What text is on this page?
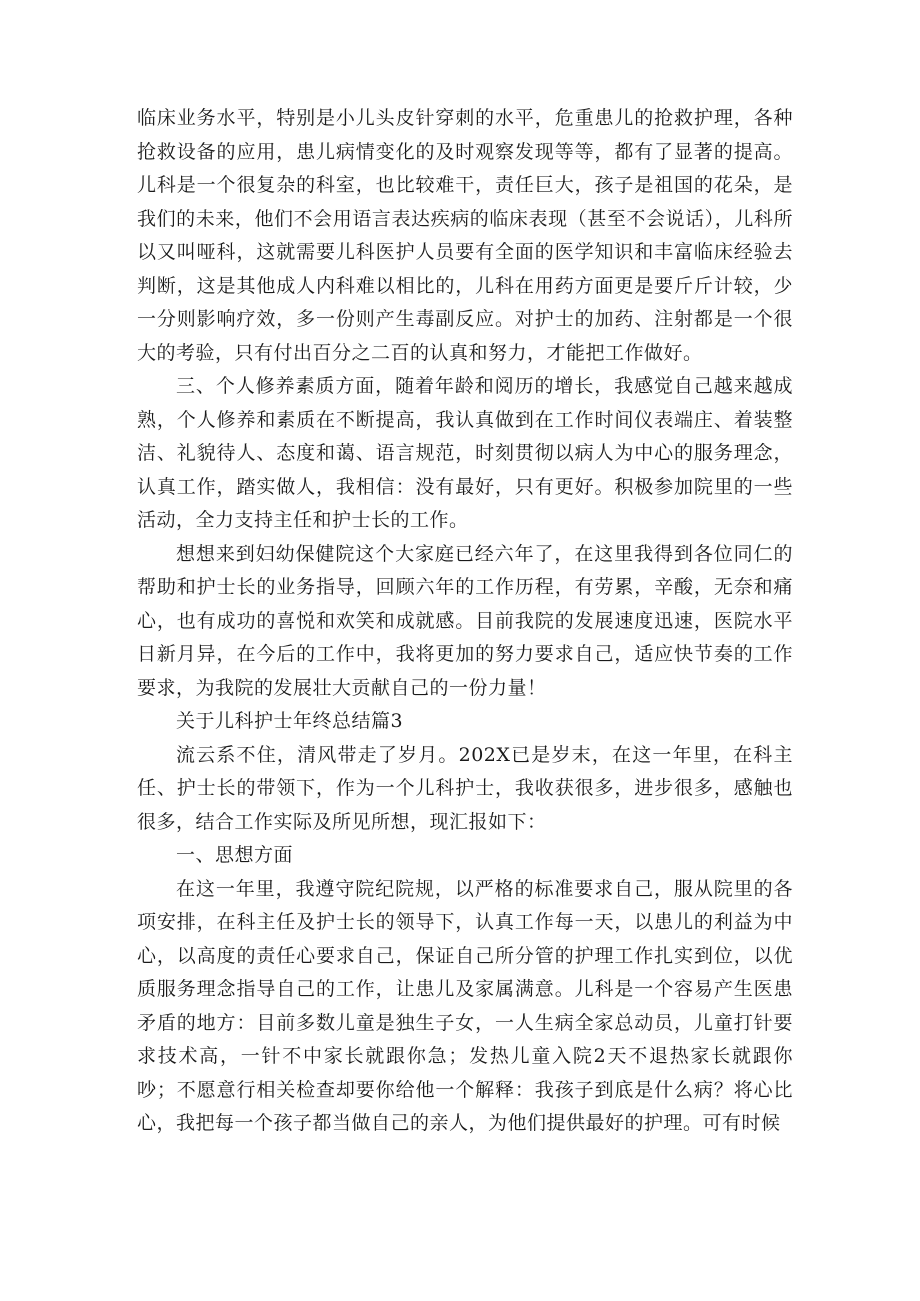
临床业务水平，特别是小儿头皮针穿刺的水平，危重患儿的抢救护理，各种抢救设备的应用，患儿病情变化的及时观察发现等等，都有了显著的提高。儿科是一个很复杂的科室，也比较难干，责任巨大，孩子是祖国的花朵，是我们的未来，他们不会用语言表达疾病的临床表现（甚至不会说话），儿科所以又叫哑科，这就需要儿科医护人员要有全面的医学知识和丰富临床经验去判断，这是其他成人内科难以相比的，儿科在用药方面更是要斤斤计较，少一分则影响疗效，多一份则产生毒副反应。对护士的加药、注射都是一个很大的考验，只有付出百分之二百的认真和努力，才能把工作做好。

三、个人修养素质方面，随着年龄和阅历的增长，我感觉自己越来越成熟，个人修养和素质在不断提高，我认真做到在工作时间仪表端庄、着装整洁、礼貌待人、态度和蔼、语言规范，时刻贯彻以病人为中心的服务理念，认真工作，踏实做人，我相信：没有最好，只有更好。积极参加院里的一些活动，全力支持主任和护士长的工作。

想想来到妇幼保健院这个大家庭已经六年了，在这里我得到各位同仁的帮助和护士长的业务指导，回顾六年的工作历程，有劳累，辛酸，无奈和痛心，也有成功的喜悦和欢笑和成就感。目前我院的发展速度迅速，医院水平日新月异，在今后的工作中，我将更加的努力要求自己，适应快节奏的工作要求，为我院的发展壮大贡献自己的一份力量！

关于儿科护士年终总结篇3

流云系不住，清风带走了岁月。202X已是岁末，在这一年里，在科主任、护士长的带领下，作为一个儿科护士，我收获很多，进步很多，感触也很多，结合工作实际及所见所想，现汇报如下：

一、思想方面

在这一年里，我遵守院纪院规，以严格的标准要求自己，服从院里的各项安排，在科主任及护士长的领导下，认真工作每一天，以患儿的利益为中心，以高度的责任心要求自己，保证自己所分管的护理工作扎实到位，以优质服务理念指导自己的工作，让患儿及家属满意。儿科是一个容易产生医患矛盾的地方：目前多数儿童是独生子女，一人生病全家总动员，儿童打针要求技术高，一针不中家长就跟你急；发热儿童入院2天不退热家长就跟你吵；不愿意行相关检查却要你给他一个解释：我孩子到底是什么病？将心比心，我把每一个孩子都当做自己的亲人，为他们提供最好的护理。可有时候
